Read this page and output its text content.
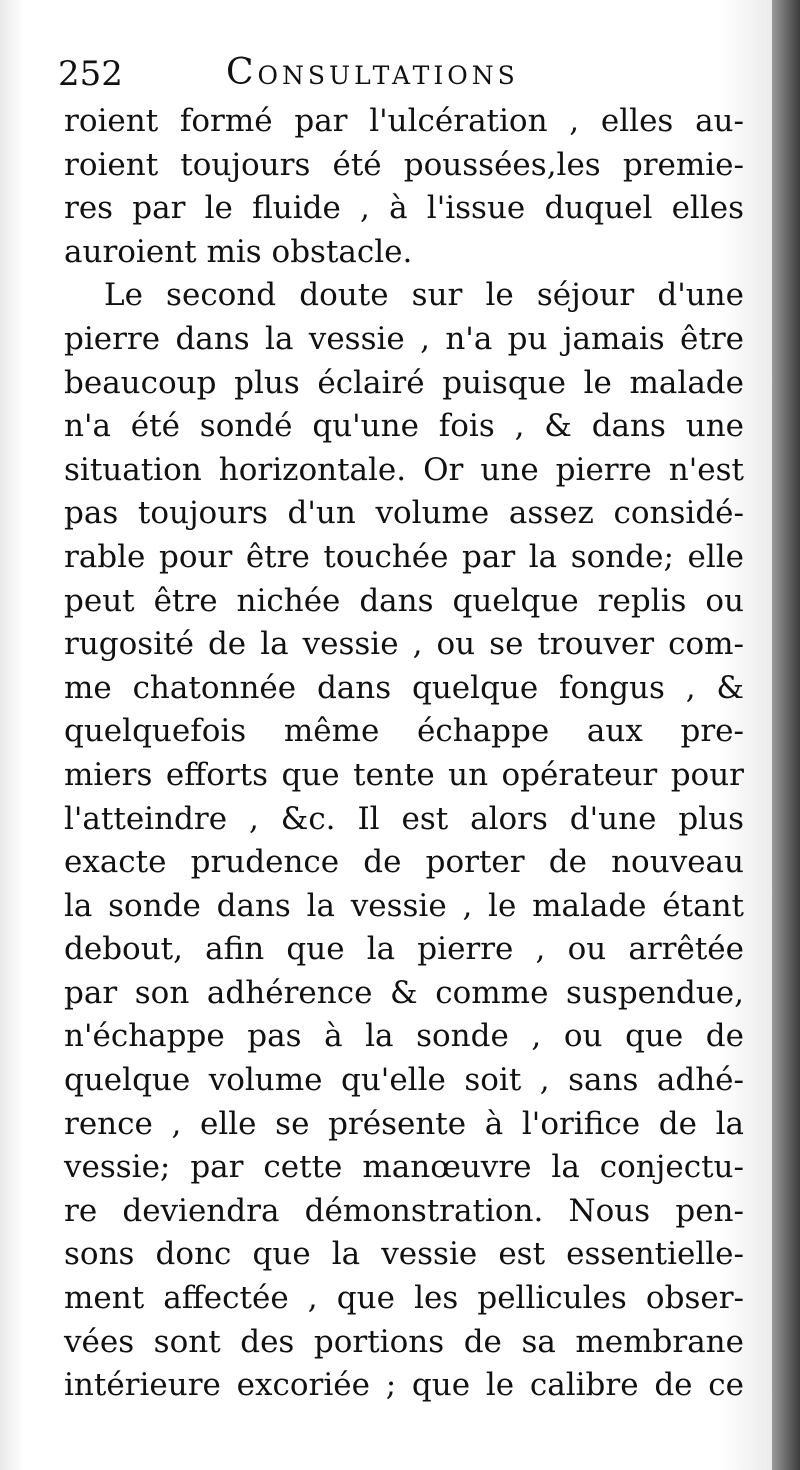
252	Consultations
roient formé par l'ulcération , elles au-
roient toujours été poussées,les premie-
res par le fluide , à l'issue duquel elles
auroient mis obstacle.
Le second doute sur le séjour d'une
pierre dans la vessie , n'a pu jamais être
beaucoup plus éclairé puisque le malade
n'a été sondé qu'une fois , & dans une
situation horizontale. Or une pierre n'est
pas toujours d'un volume assez considé-
rable pour être touchée par la sonde; elle
peut être nichée dans quelque replis ou
rugosité de la vessie , ou se trouver com-
me chatonnée dans quelque fongus , &
quelquefois même échappe aux pre-
miers efforts que tente un opérateur pour
l'atteindre , &c. Il est alors d'une plus
exacte prudence de porter de nouveau
la sonde dans la vessie , le malade étant
debout, afin que la pierre , ou arrêtée
par son adhérence & comme suspendue,
n'échappe pas à la sonde , ou que de
quelque volume qu'elle soit , sans adhé-
rence , elle se présente à l'orifice de la
vessie; par cette manœuvre la conjectu-
re deviendra démonstration. Nous pen-
sons donc que la vessie est essentielle-
ment affectée , que les pellicules obser-
vées sont des portions de sa membrane
intérieure excoriée ; que le calibre de ce
